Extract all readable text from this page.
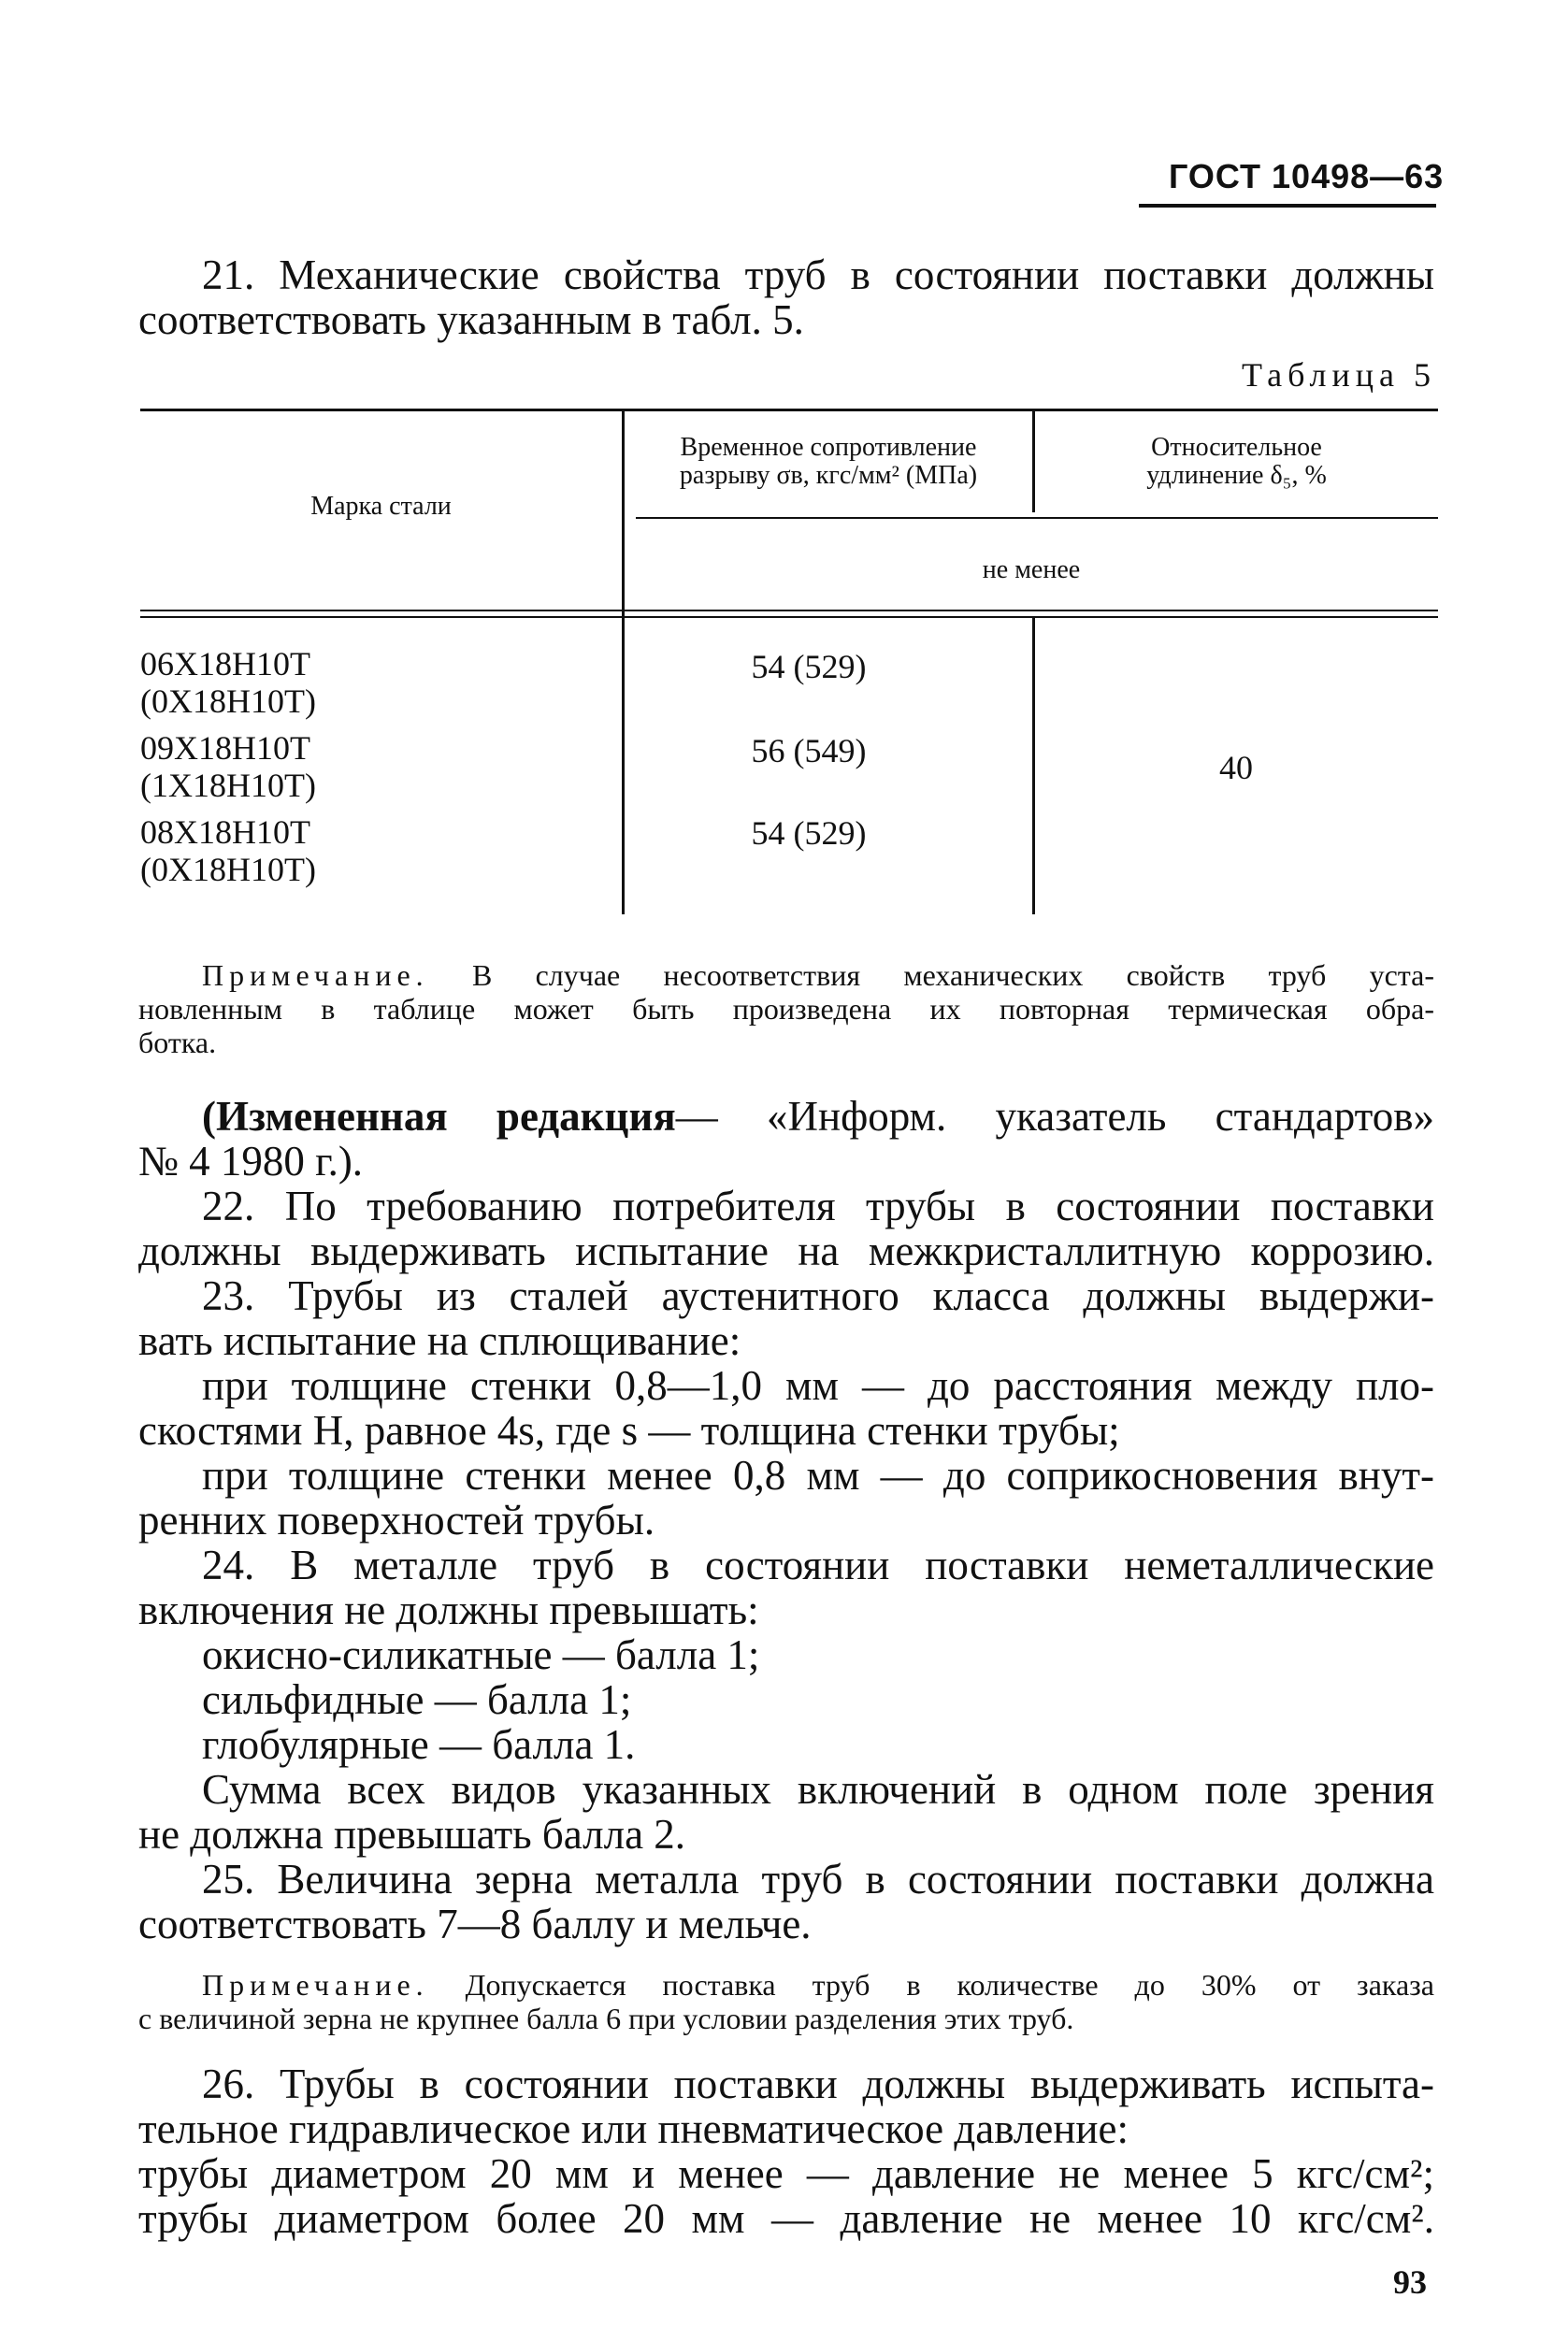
ГОСТ 10498—63
21. Механические свойства труб в состоянии поставки должны
соответствовать указанным в табл. 5.
Таблица 5
Марка стали
Временное сопротивление
разрыву σв, кгс/мм² (МПа)
Относительное
удлинение δ₅, %
не менее
06Х18Н10Т
(0Х18Н10Т)
54 (529)
09Х18Н10Т
(1Х18Н10Т)
56 (549)
08Х18Н10Т
(0Х18Н10Т)
54 (529)
40
Примечание. В случае несоответствия механических свойств труб уста-
новленным в таблице может быть произведена их повторная термическая обра-
ботка.
(Измененная редакция— «Информ. указатель стандартов»
№ 4 1980 г.).
22. По требованию потребителя трубы в состоянии поставки
должны выдерживать испытание на межкристаллитную коррозию.
23. Трубы из сталей аустенитного класса должны выдержи-
вать испытание на сплющивание:
при толщине стенки 0,8—1,0 мм — до расстояния между пло-
скостями H, равное 4s, где s — толщина стенки трубы;
при толщине стенки менее 0,8 мм — до соприкосновения внут-
ренних поверхностей трубы.
24. В металле труб в состоянии поставки неметаллические
включения не должны превышать:
окисно-силикатные — балла 1;
сильфидные — балла 1;
глобулярные — балла 1.
Сумма всех видов указанных включений в одном поле зрения
не должна превышать балла 2.
25. Величина зерна металла труб в состоянии поставки должна
соответствовать 7—8 баллу и мельче.
Примечание. Допускается поставка труб в количестве до 30% от заказа
с величиной зерна не крупнее балла 6 при условии разделения этих труб.
26. Трубы в состоянии поставки должны выдерживать испыта-
тельное гидравлическое или пневматическое давление:
трубы диаметром 20 мм и менее — давление не менее 5 кгс/см²;
трубы диаметром более 20 мм — давление не менее 10 кгс/см².
93
